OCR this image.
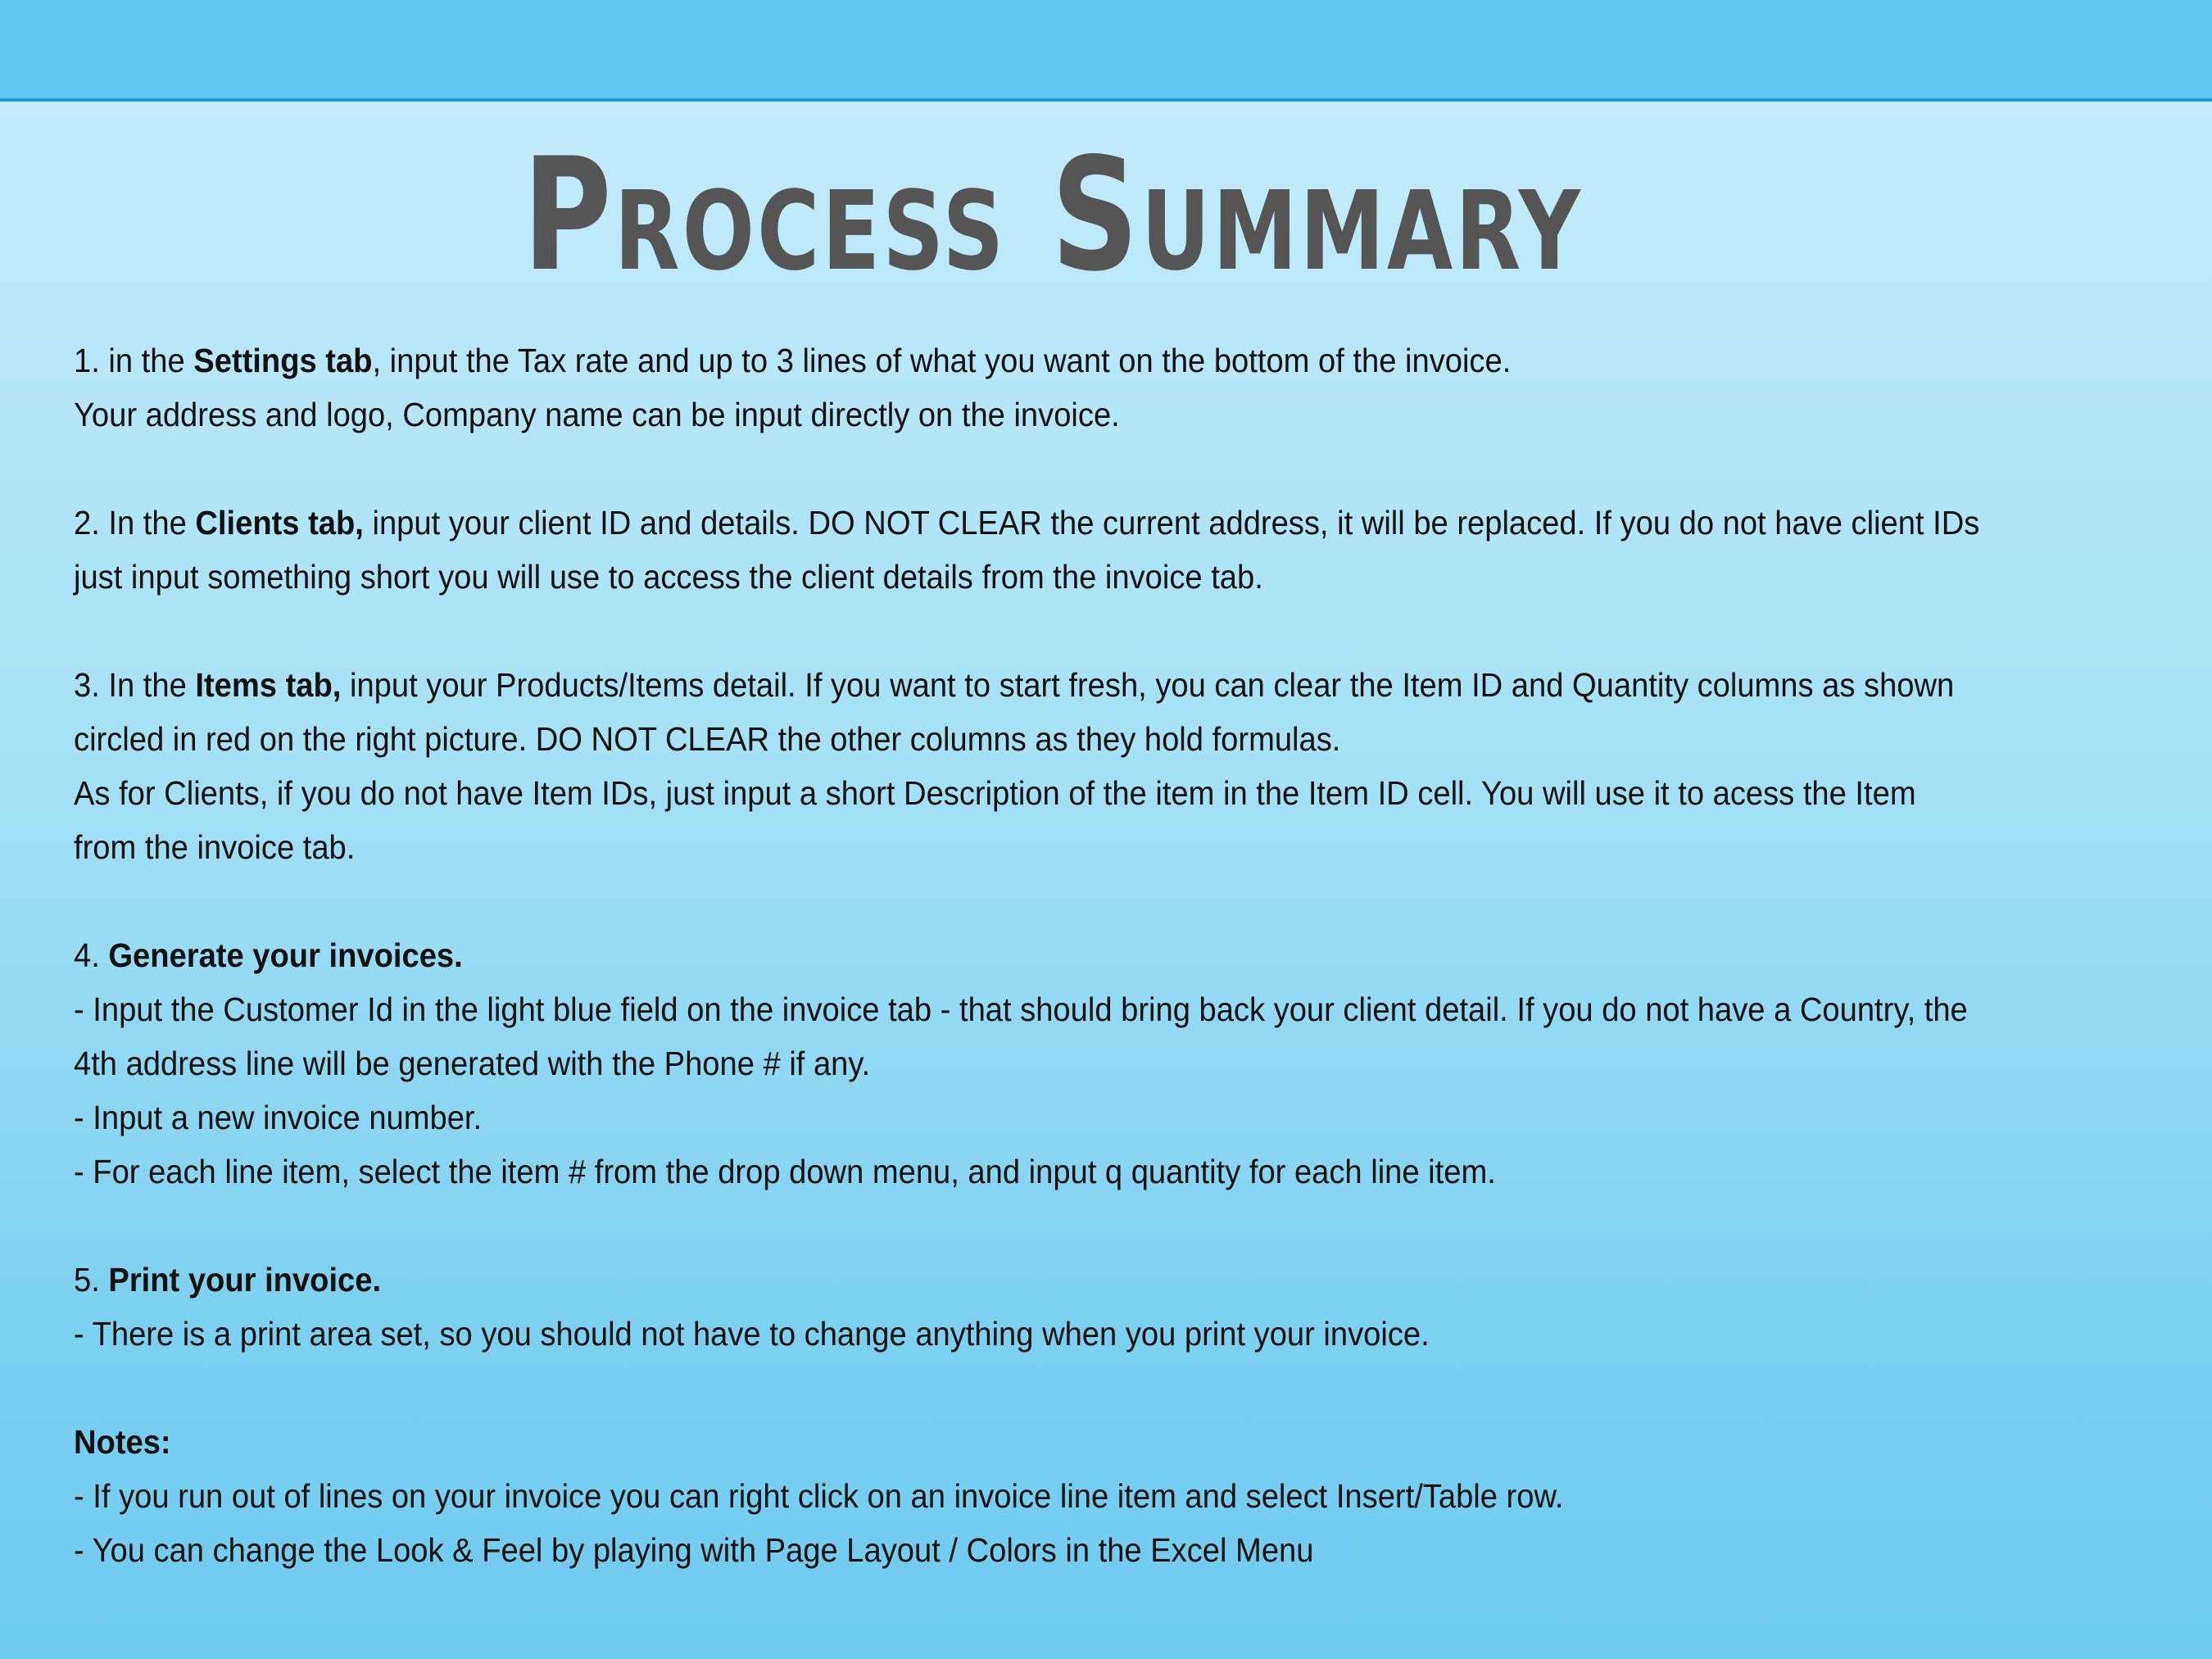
Process Summary
1. in the Settings tab, input the Tax rate and up to 3 lines of what you want on the bottom of the invoice.
Your address and logo, Company name can be input directly on the invoice.
2. In the Clients tab, input your client ID and details. DO NOT CLEAR the current address, it will be replaced. If you do not have client IDs
just input something short you will use to access the client details from the invoice tab.
3. In the Items tab, input your Products/Items detail. If you want to start fresh, you can clear the Item ID and Quantity columns as shown
circled in red on the right picture. DO NOT CLEAR the other columns as they hold formulas.
As for Clients, if you do not have Item IDs, just input a short Description of the item in the Item ID cell. You will use it to acess the Item
from the invoice tab.
4. Generate your invoices.
- Input the Customer Id in the light blue field on the invoice tab - that should bring back your client detail. If you do not have a Country, the
4th address line will be generated with the Phone # if any.
- Input a new invoice number.
- For each line item, select the item # from the drop down menu, and input q quantity for each line item.
5. Print your invoice.
- There is a print area set, so you should not have to change anything when you print your invoice.
Notes:
- If you run out of lines on your invoice you can right click on an invoice line item and select Insert/Table row.
- You can change the Look & Feel by playing with Page Layout / Colors in the Excel Menu
